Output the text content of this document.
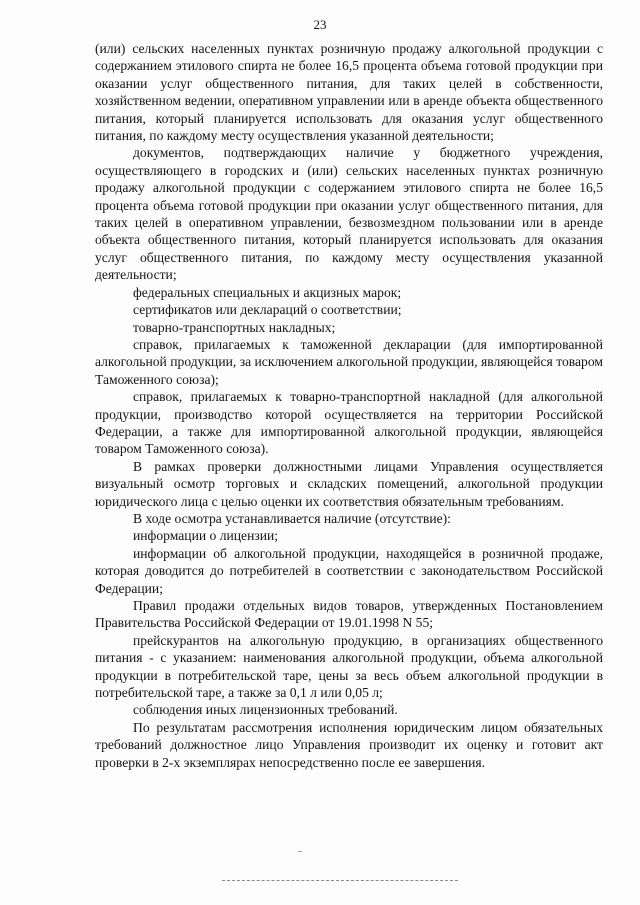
23

(или) сельских населенных пунктах розничную продажу алкогольной продукции с содержанием этилового спирта не более 16,5 процента объема готовой продукции при оказании услуг общественного питания, для таких целей в собственности, хозяйственном ведении, оперативном управлении или в аренде объекта общественного питания, который планируется использовать для оказания услуг общественного питания, по каждому месту осуществления указанной деятельности;

документов, подтверждающих наличие у бюджетного учреждения, осуществляющего в городских и (или) сельских населенных пунктах розничную продажу алкогольной продукции с содержанием этилового спирта не более 16,5 процента объема готовой продукции при оказании услуг общественного питания, для таких целей в оперативном управлении, безвозмездном пользовании или в аренде объекта общественного питания, который планируется использовать для оказания услуг общественного питания, по каждому месту осуществления указанной деятельности;

федеральных специальных и акцизных марок;

сертификатов или деклараций о соответствии;

товарно-транспортных накладных;

справок, прилагаемых к таможенной декларации (для импортированной алкогольной продукции, за исключением алкогольной продукции, являющейся товаром Таможенного союза);

справок, прилагаемых к товарно-транспортной накладной (для алкогольной продукции, производство которой осуществляется на территории Российской Федерации, а также для импортированной алкогольной продукции, являющейся товаром Таможенного союза).

В рамках проверки должностными лицами Управления осуществляется визуальный осмотр торговых и складских помещений, алкогольной продукции юридического лица с целью оценки их соответствия обязательным требованиям.

В ходе осмотра устанавливается наличие (отсутствие):

информации о лицензии;

информации об алкогольной продукции, находящейся в розничной продаже, которая доводится до потребителей в соответствии с законодательством Российской Федерации;

Правил продажи отдельных видов товаров, утвержденных Постановлением Правительства Российской Федерации от 19.01.1998 N 55;

прейскурантов на алкогольную продукцию, в организациях общественного питания - с указанием: наименования алкогольной продукции, объема алкогольной продукции в потребительской таре, цены за весь объем алкогольной продукции в потребительской таре, а также за 0,1 л или 0,05 л;

соблюдения иных лицензионных требований.

По результатам рассмотрения исполнения юридическим лицом обязательных требований должностное лицо Управления производит их оценку и готовит акт проверки в 2-х экземплярах непосредственно после ее завершения.
